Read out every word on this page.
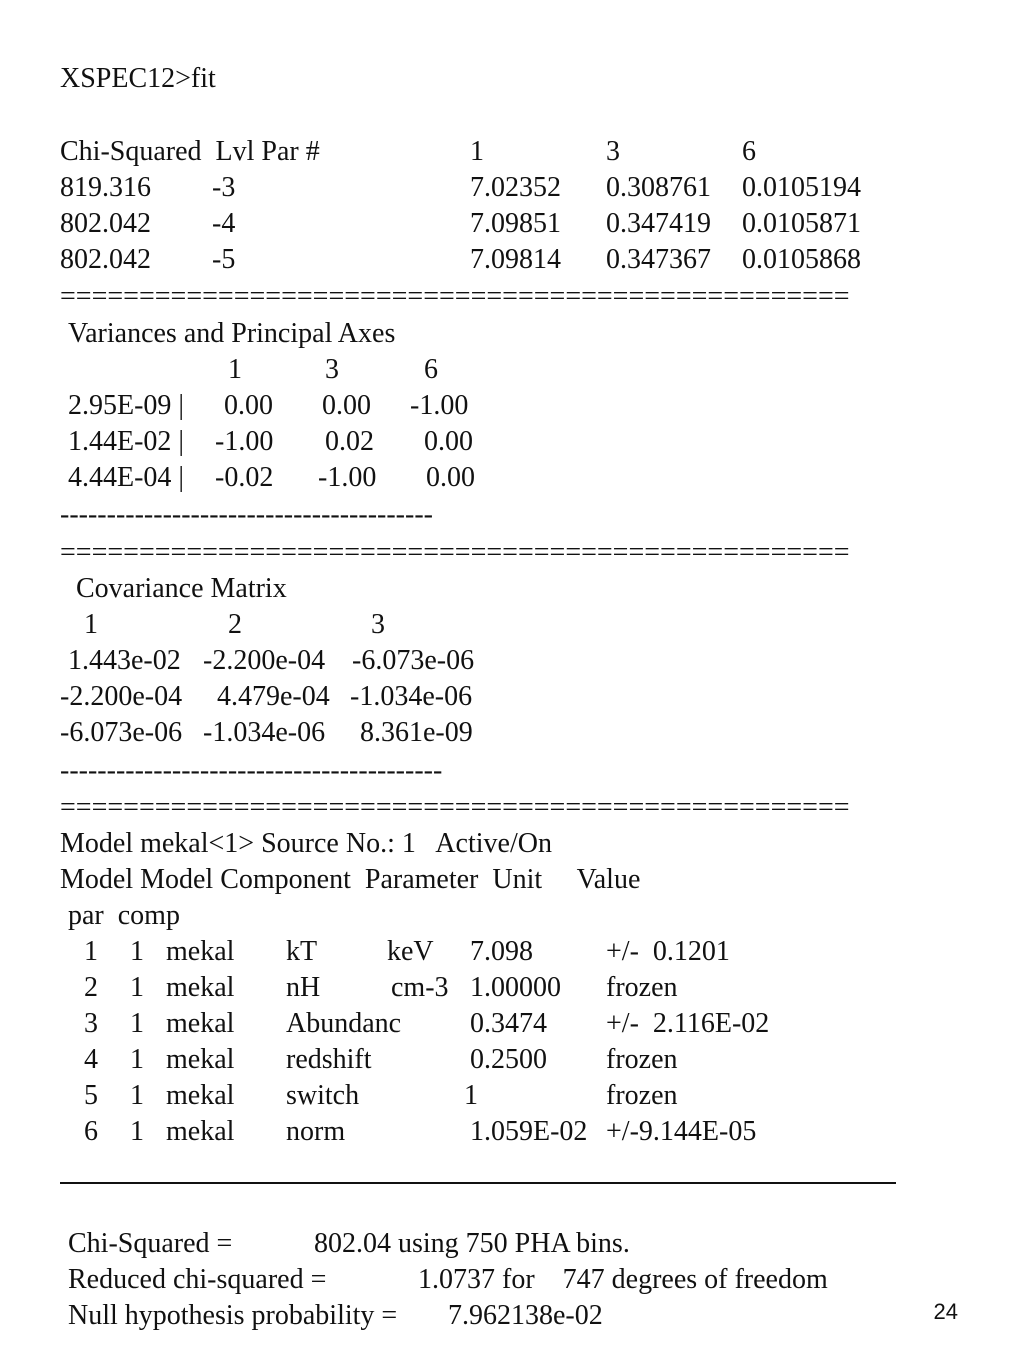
XSPEC12>fit
Chi-Squared  Lvl Par #	1	3	6
819.316 -3	7.02352 0.308761 0.0105194
802.042 -4	7.09851 0.347419 0.0105871
802.042 -5	7.09814 0.347367 0.0105868
==================================================
Variances and Principal Axes
1	3	6
2.95E-09 | 0.00 0.00 -1.00
1.44E-02 | -1.00 0.02 0.00
4.44E-04 | -0.02 -1.00 0.00
----------------------------------------
==================================================
Covariance Matrix
1	2	3
1.443e-02 -2.200e-04 -6.073e-06
-2.200e-04 4.479e-04 -1.034e-06
-6.073e-06 -1.034e-06 8.361e-09
-----------------------------------------
==================================================
Model mekal<1> Source No.: 1   Active/On
Model Model Component  Parameter  Unit     Value
par  comp
1 1 mekal kT keV 7.098	+/-  0.1201
2 1 mekal nH	cm-3 1.00000 frozen
3 1 mekal Abundanc 0.3474 +/-  2.116E-02
4 1 mekal redshift	0.2500 frozen
5 1 mekal switch	1	frozen
6 1 mekal norm	1.059E-02 +/-9.144E-05
Chi-Squared =	802.04 using 750 PHA bins.
Reduced chi-squared =	1.0737 for    747 degrees of freedom
Null hypothesis probability = 7.962138e-02	24
